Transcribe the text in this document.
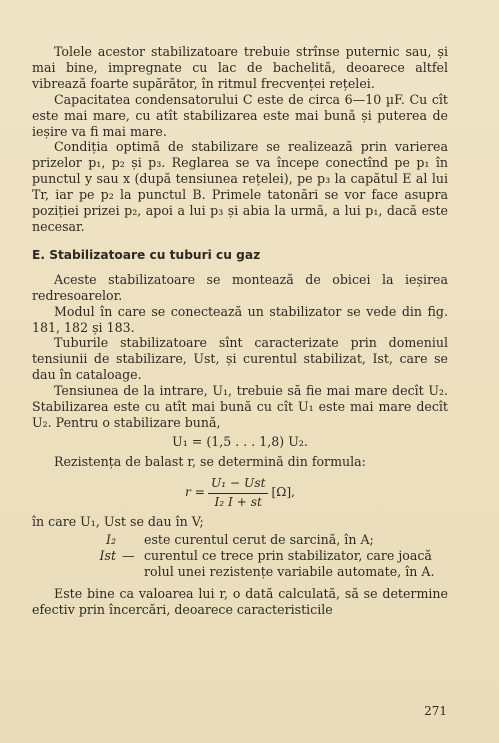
Tolele acestor stabilizatoare trebuie strînse puternic sau, și mai bine, impregnate cu lac de bachelită, deoarece altfel vibrează foarte supărător, în ritmul frecvenței rețelei.

Capacitatea condensatorului C este de circa 6—10 µF. Cu cît este mai mare, cu atît stabilizarea este mai bună și puterea de ieșire va fi mai mare.

Condiția optimă de stabilizare se realizează prin varierea prizelor p₁, p₂ și p₃. Reglarea se va începe conectînd pe p₁ în punctul y sau x (după tensiunea rețelei), pe p₃ la capătul E al lui Tr, iar pe p₂ la punctul B. Primele tatonări se vor face asupra poziției prizei p₂, apoi a lui p₃ și abia la urmă, a lui p₁, dacă este necesar.

E. Stabilizatoare cu tuburi cu gaz

Aceste stabilizatoare se montează de obicei la ieșirea redresoarelor.

Modul în care se conectează un stabilizator se vede din fig. 181, 182 și 183.

Tuburile stabilizatoare sînt caracterizate prin domeniul tensiunii de stabilizare, Ust, și curentul stabilizat, Ist, care se dau în cataloage.

Tensiunea de la intrare, U₁, trebuie să fie mai mare decît U₂. Stabilizarea este cu atît mai bună cu cît U₁ este mai mare decît U₂. Pentru o stabilizare bună,

U₁ = (1,5 . . . 1,8) U₂.

Rezistența de balast r, se determină din formula:

$r = \frac{\text{U₁ − Ust}}{\text{I₂ I + st}} [\Omega]$,

în care U₁, Ust se dau în V;

I₂	este curentul cerut de sarcină, în A;
Ist — curentul ce trece prin stabilizator, care joacă rolul unei rezistențe variabile automate, în A.

Este bine ca valoarea lui r, o dată calculată, să se determine efectiv prin încercări, deoarece caracteristicile

271
